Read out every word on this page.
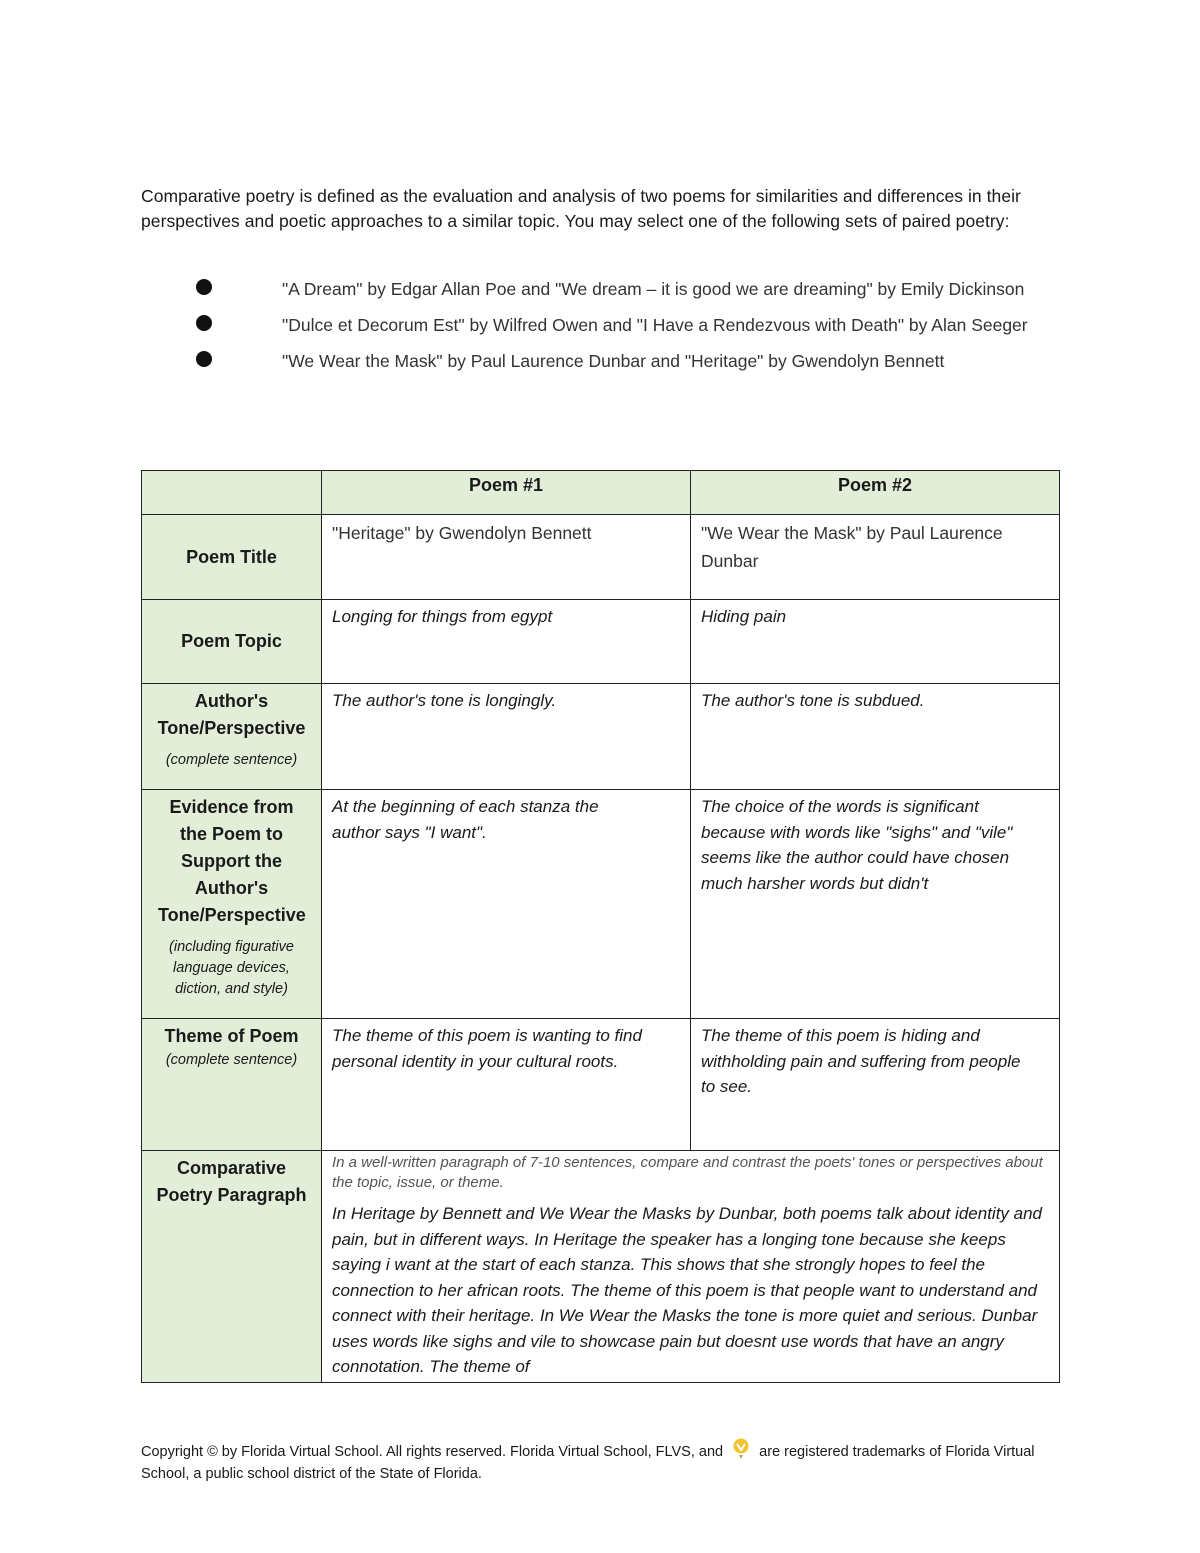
Comparative poetry is defined as the evaluation and analysis of two poems for similarities and differences in their perspectives and poetic approaches to a similar topic. You may select one of the following sets of paired poetry:
"A Dream" by Edgar Allan Poe and "We dream – it is good we are dreaming" by Emily Dickinson
"Dulce et Decorum Est" by Wilfred Owen and "I Have a Rendezvous with Death" by Alan Seeger
"We Wear the Mask" by Paul Laurence Dunbar and "Heritage" by Gwendolyn Bennett
	Poem #1	Poem #2
Poem Title	"Heritage" by Gwendolyn Bennett	"We Wear the Mask" by Paul Laurence Dunbar
Poem Topic	Longing for things from egypt	Hiding pain
Author's Tone/Perspective
(complete sentence)	The author's tone is longingly.	The author's tone is subdued.

Evidence from the Poem to Support the Author's Tone/Perspective
(including figurative language devices, diction, and style)	At the beginning of each stanza the author says "I want".	The choice of the words is significant because with words like "sighs" and "vile" seems like the author could have chosen much harsher words but didn't
Theme of Poem
(complete sentence)	The theme of this poem is wanting to find personal identity in your cultural roots.	The theme of this poem is hiding and withholding pain and suffering from people to see.
Comparative Poetry Paragraph	In a well-written paragraph of 7-10 sentences, compare and contrast the poets' tones or perspectives about the topic, issue, or theme.
In Heritage by Bennett and We Wear the Masks by Dunbar, both poems talk about identity and pain, but in different ways. In Heritage the speaker has a longing tone because she keeps saying i want at the start of each stanza. This shows that she strongly hopes to feel the connection to her african roots. The theme of this poem is that people want to understand and connect with their heritage. In We Wear the Masks the tone is more quiet and serious. Dunbar uses words like sighs and vile to showcase pain but doesnt use words that have an angry connotation. The theme of	
Copyright © by Florida Virtual School. All rights reserved. Florida Virtual School, FLVS, and are registered trademarks of Florida Virtual School, a public school district of the State of Florida.
